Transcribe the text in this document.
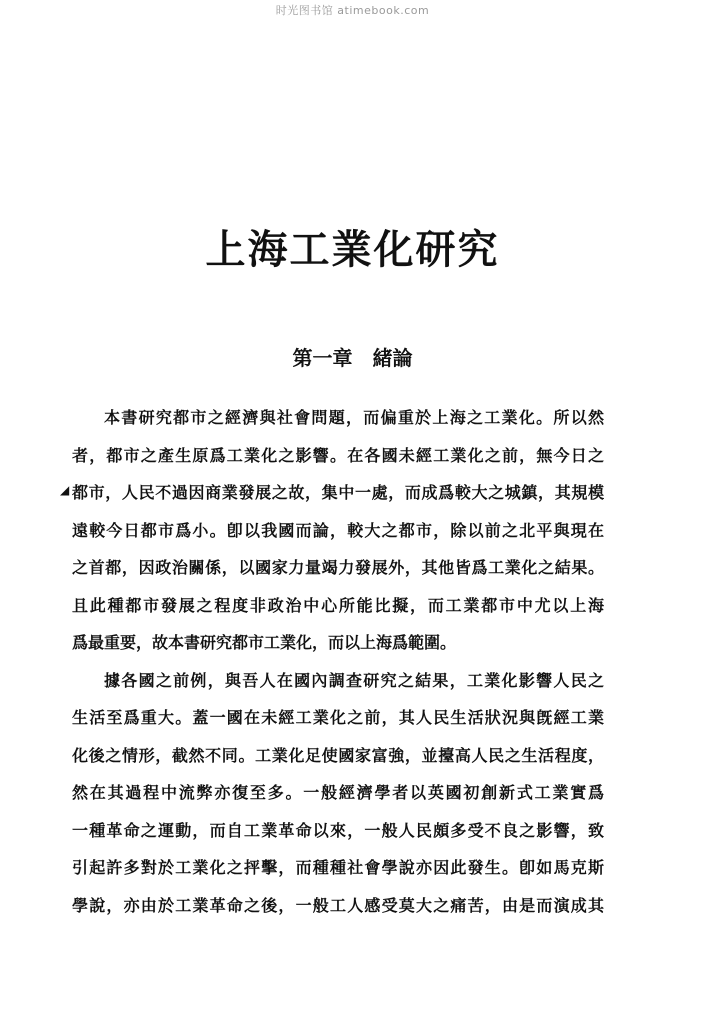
时光图书馆 atimebook.com
上海工業化研究
第一章　緒論
◢
本書研究都市之經濟與社會問題，而偏重於上海之工業化。所以然
者，都市之產生原爲工業化之影響。在各國未經工業化之前，無今日之
都市，人民不過因商業發展之故，集中一處，而成爲較大之城鎮，其規模
遠較今日都市爲小。卽以我國而論，較大之都市，除以前之北平與現在
之首都，因政治關係，以國家力量竭力發展外，其他皆爲工業化之結果。
且此種都市發展之程度非政治中心所能比擬，而工業都市中尤以上海
爲最重要，故本書研究都市工業化，而以上海爲範圍。
據各國之前例，與吾人在國內調查研究之結果，工業化影響人民之
生活至爲重大。蓋一國在未經工業化之前，其人民生活狀況與旣經工業
化後之情形，截然不同。工業化足使國家富強，並擡高人民之生活程度，
然在其過程中流弊亦復至多。一般經濟學者以英國初創新式工業實爲
一種革命之運動，而自工業革命以來，一般人民頗多受不良之影響，致
引起許多對於工業化之抨擊，而種種社會學說亦因此發生。卽如馬克斯
學說，亦由於工業革命之後，一般工人感受莫大之痛苦，由是而演成其
